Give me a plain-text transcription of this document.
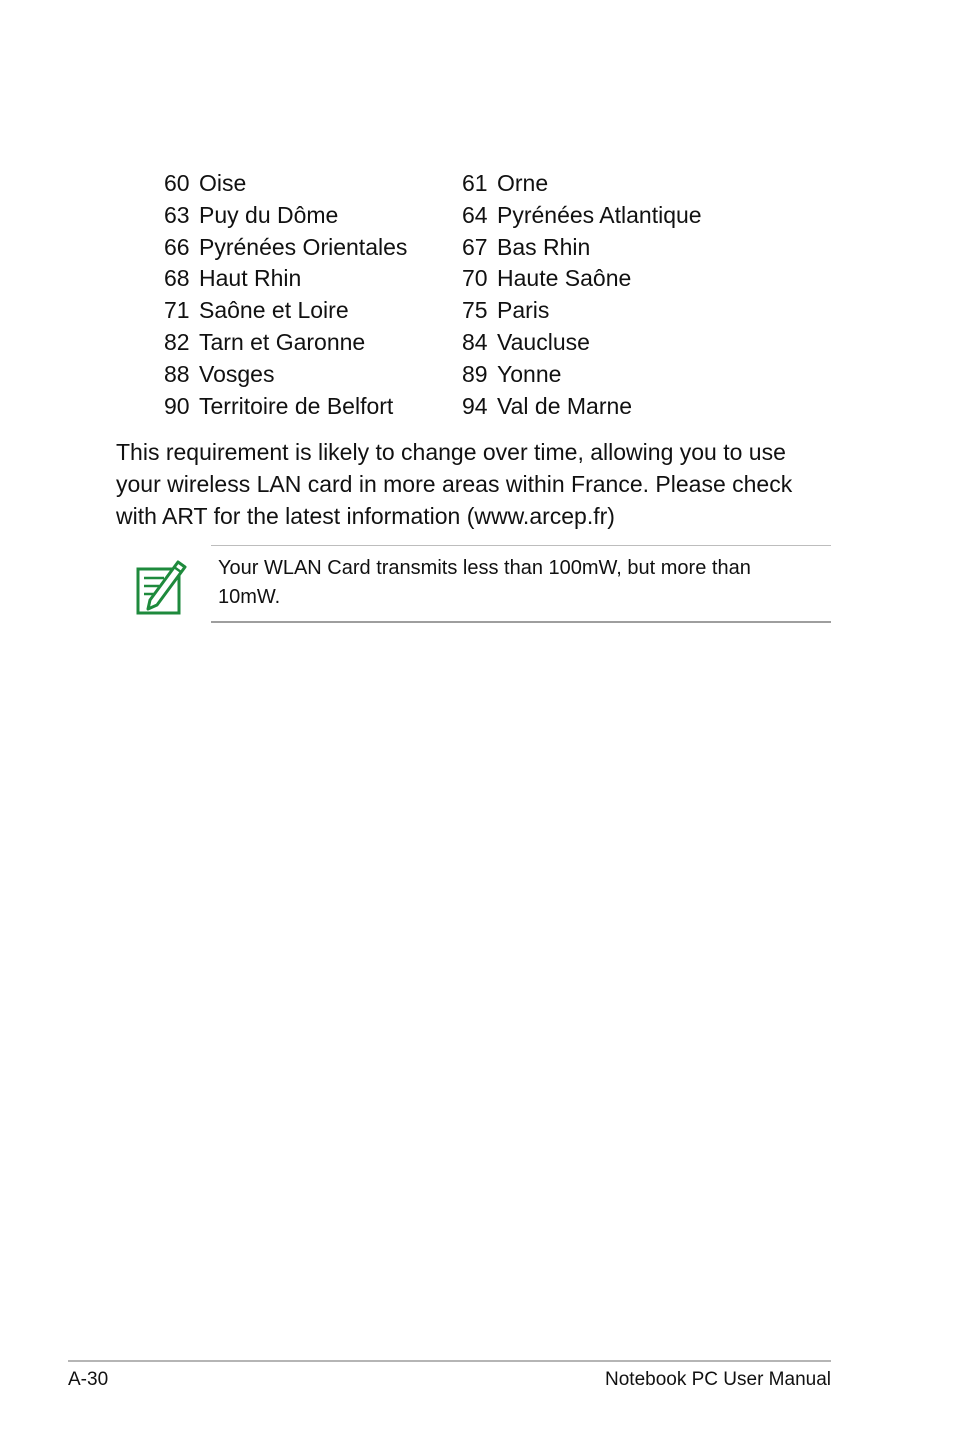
60 Oise	61 Orne
63 Puy du Dôme	64 Pyrénées Atlantique
66 Pyrénées Orientales 67 Bas Rhin
68 Haut Rhin	70 Haute Saône
71 Saône et Loire	75 Paris
82 Tarn et Garonne	84 Vaucluse
88 Vosges	89 Yonne
90 Territoire de Belfort	94 Val de Marne

This requirement is likely to change over time, allowing you to use your wireless LAN card in more areas within France. Please check with ART for the latest information (www.arcep.fr)

Your WLAN Card transmits less than 100mW, but more than 10mW.

A-30	Notebook PC User Manual
